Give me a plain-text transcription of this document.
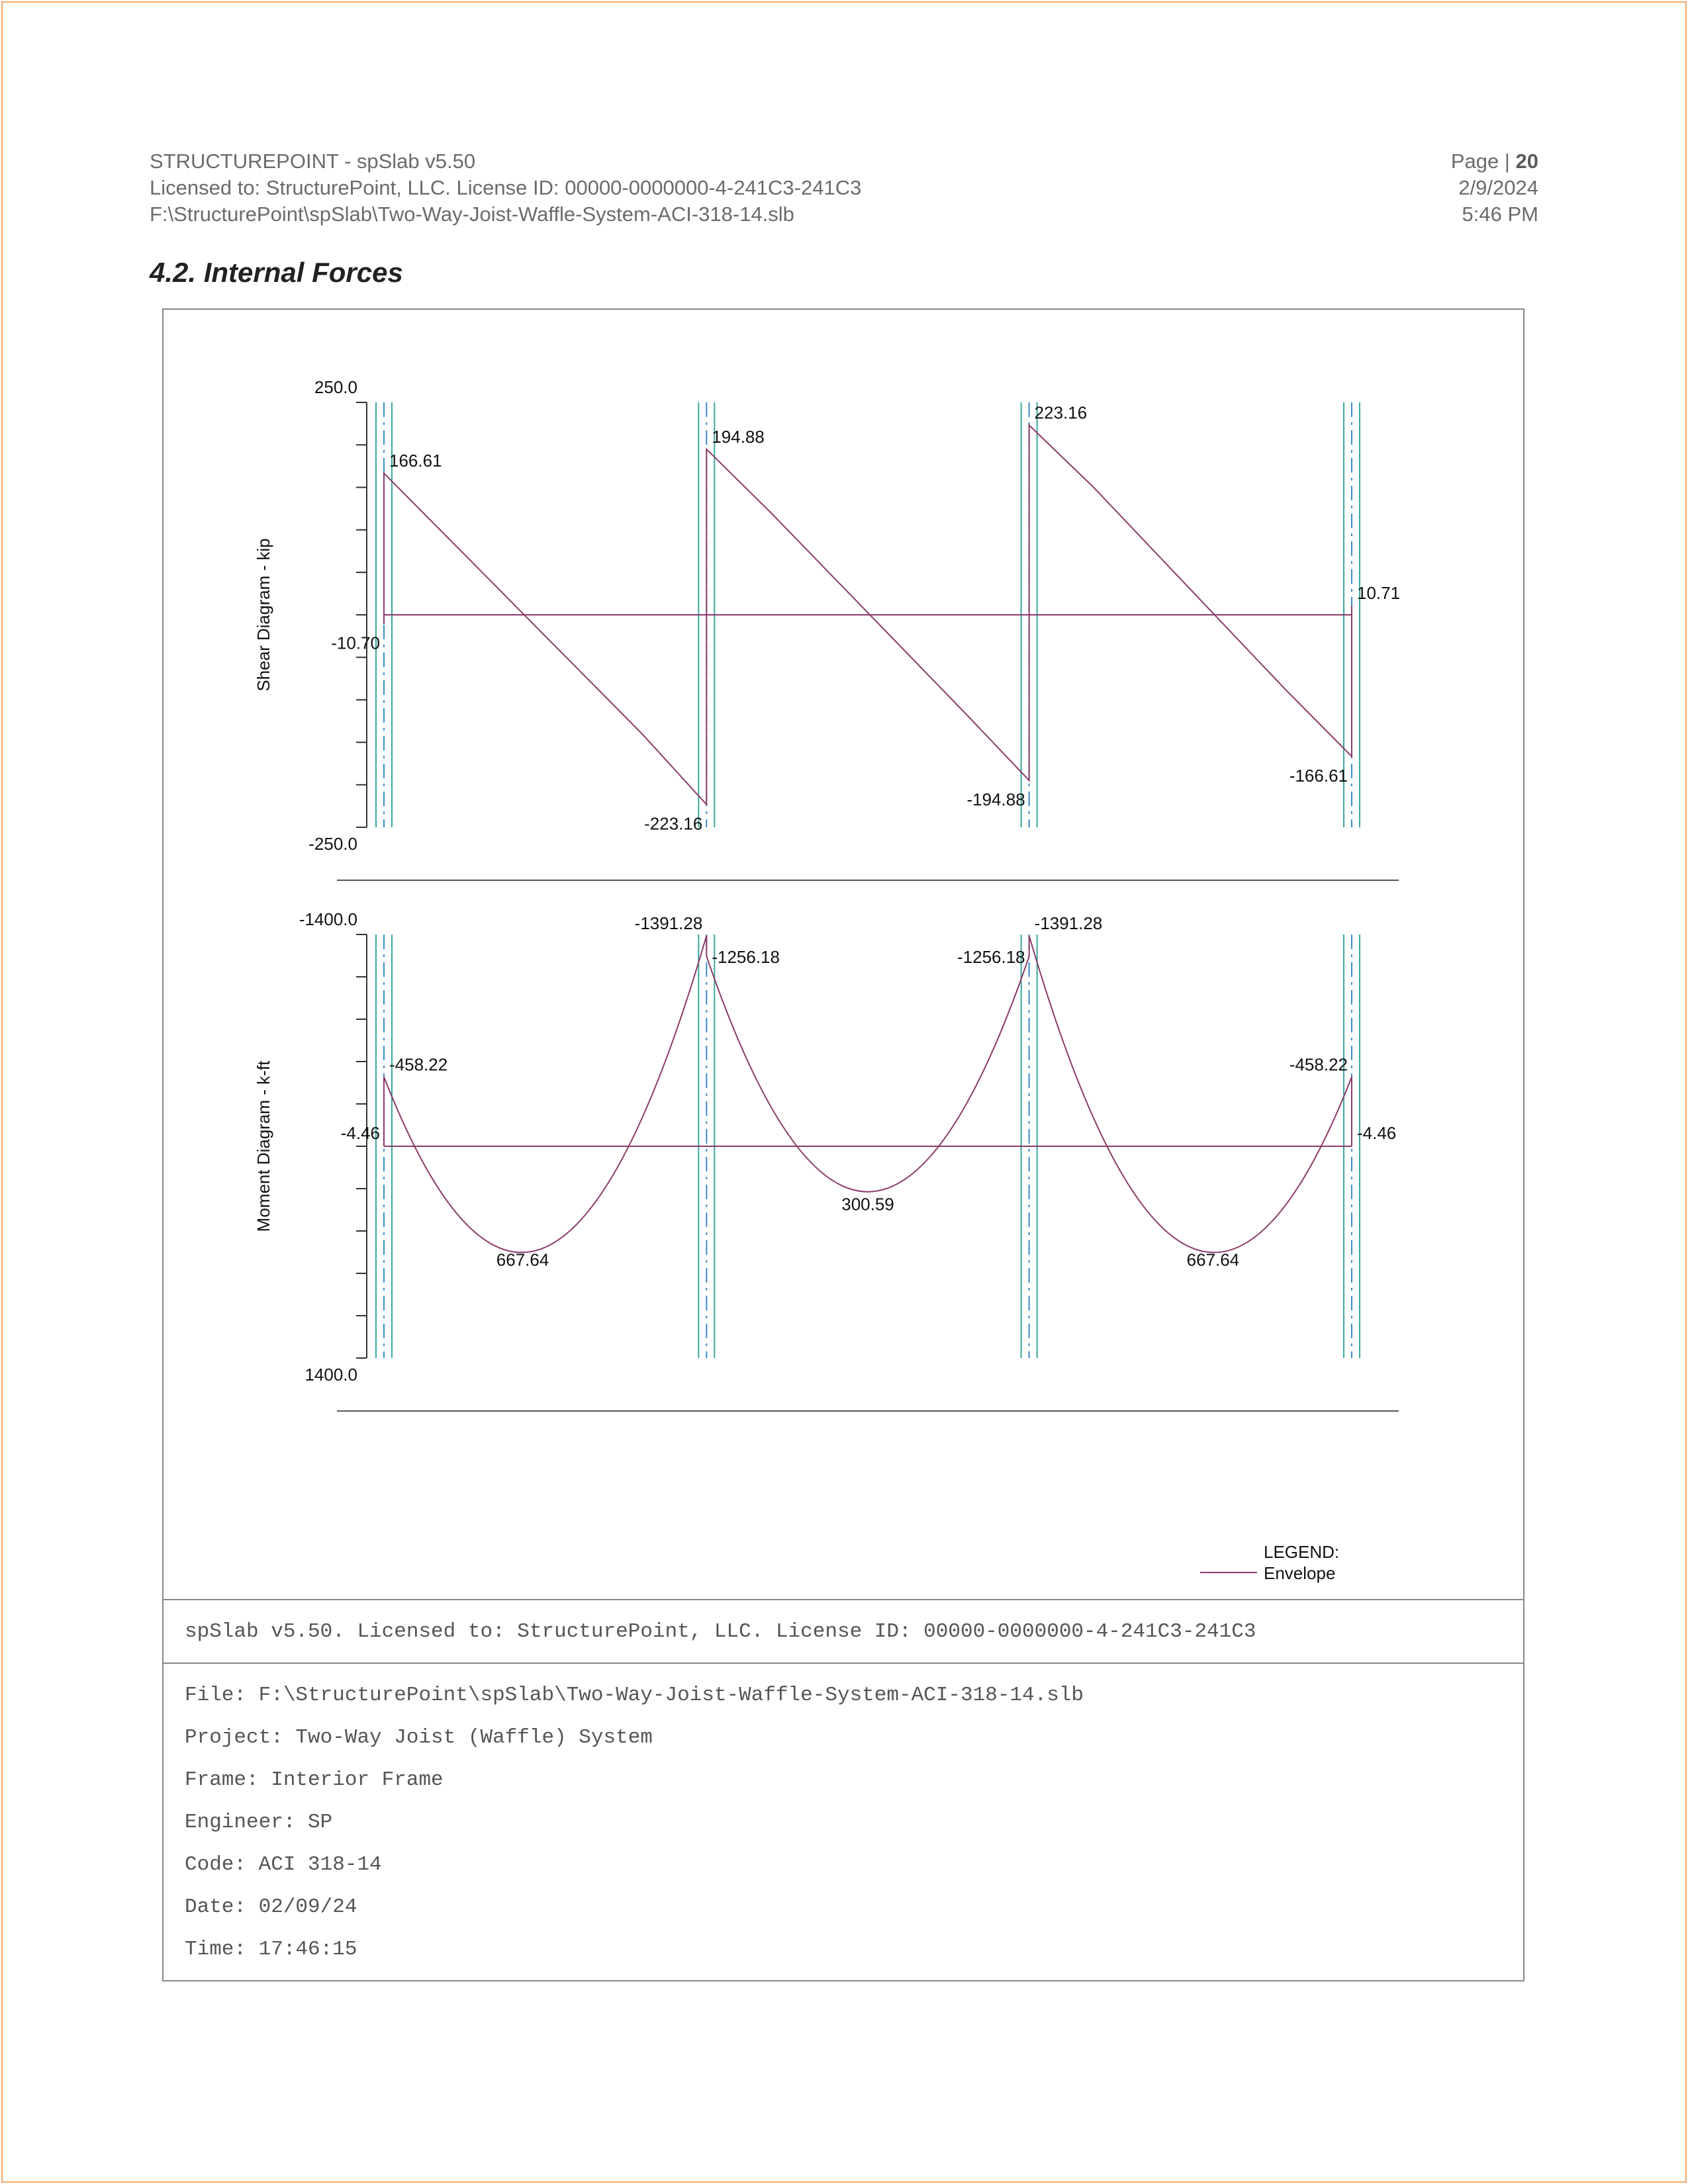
STRUCTUREPOINT - spSlab v5.50
Licensed to: StructurePoint, LLC. License ID: 00000-0000000-4-241C3-241C3
F:\StructurePoint\spSlab\Two-Way-Joist-Waffle-System-ACI-318-14.slb
Page | 20
2/9/2024
5:46 PM
4.2. Internal Forces
250.0
-250.0
Shear Diagram - kip
166.61
-10.70
194.88
-223.16
223.16
-194.88
10.71
-166.61
-1400.0
1400.0
Moment Diagram - k-ft	-458.22
-4.46
667.64
-1391.28
-1256.18
300.59
-1256.18
-1391.28
667.64
-458.22
-4.46
LEGEND:
Envelope
spSlab v5.50. Licensed to: StructurePoint, LLC. License ID: 00000-0000000-4-241C3-241C3
File: F:\StructurePoint\spSlab\Two-Way-Joist-Waffle-System-ACI-318-14.slb
Project: Two-Way Joist (Waffle) System
Frame: Interior Frame
Engineer: SP
Code: ACI 318-14
Date: 02/09/24
Time: 17:46:15
